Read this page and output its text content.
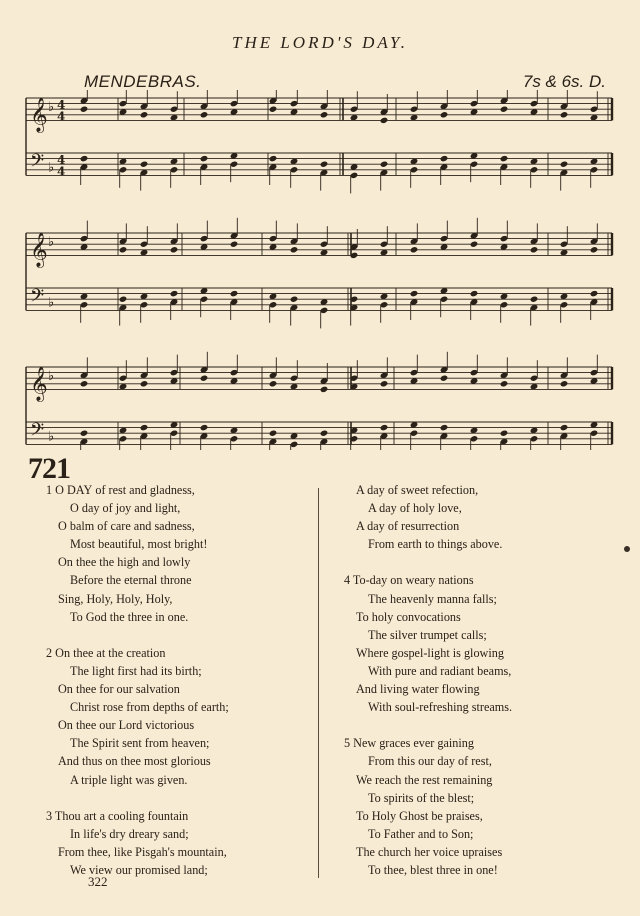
THE LORD'S DAY.
MENDEBRAS.	7s & 6s. D.
𝄞 ♭ 4
4
𝄢 ♭
4
4
𝄞 ♭
𝄢 ♭
𝄞 ♭
𝄢 ♭
721
1 O DAY of rest and gladness,
O day of joy and light,
O balm of care and sadness,
Most beautiful, most bright!
On thee the high and lowly
Before the eternal throne
Sing, Holy, Holy, Holy,
To God the three in one.
2 On thee at the creation
The light first had its birth;
On thee for our salvation
Christ rose from depths of earth;
On thee our Lord victorious
The Spirit sent from heaven;
And thus on thee most glorious
A triple light was given.
3 Thou art a cooling fountain
In life's dry dreary sand;
From thee, like Pisgah's mountain,
We view our promised land;
A day of sweet refection,
A day of holy love,
A day of resurrection
From earth to things above.
4 To-day on weary nations
The heavenly manna falls;
To holy convocations
The silver trumpet calls;
Where gospel-light is glowing
With pure and radiant beams,
And living water flowing
With soul-refreshing streams.
5 New graces ever gaining
From this our day of rest,
We reach the rest remaining
To spirits of the blest;
To Holy Ghost be praises,
To Father and to Son;
The church her voice upraises
To thee, blest three in one!
322
